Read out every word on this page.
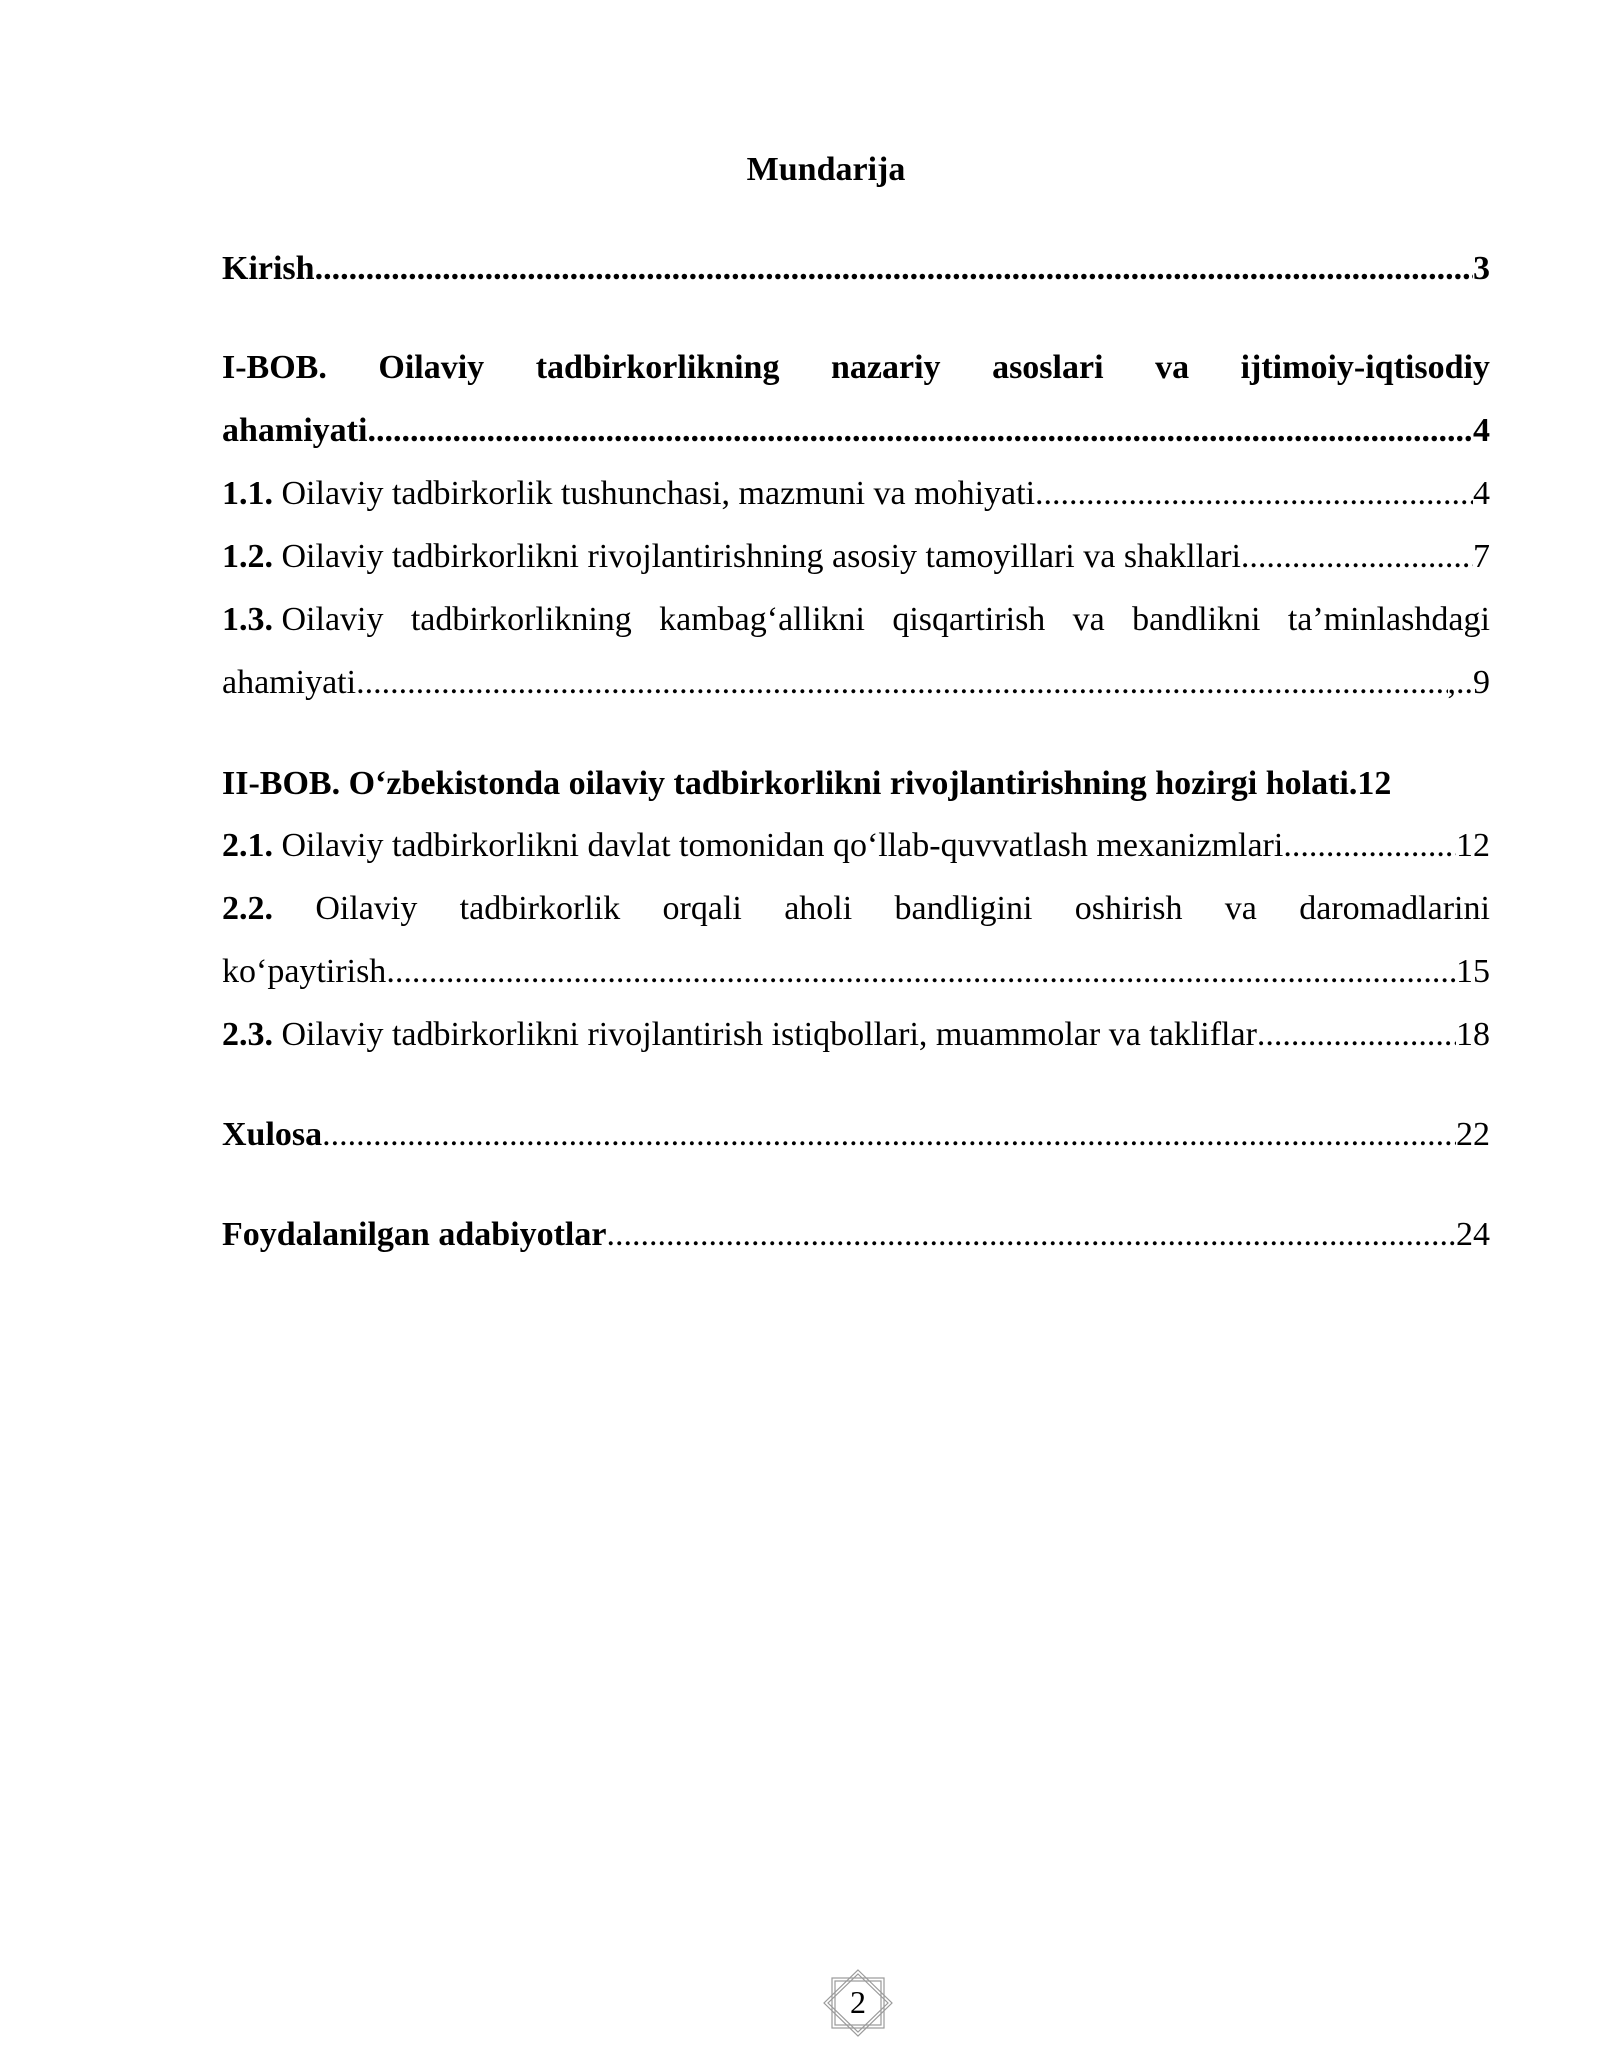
Mundarija
Kirish .....	3
I-BOB. Oilaviy tadbirkorlikning nazariy asoslari va ijtimoiy-iqtisodiy
ahamiyati .....	4
1.1. Oilaviy tadbirkorlik tushunchasi, mazmuni va mohiyati .....	4
1.2. Oilaviy tadbirkorlikni rivojlantirishning asosiy tamoyillari va shakllari .....	7
1.3. Oilaviy tadbirkorlikning kambag‘allikni qisqartirish va bandlikni ta’minlashdagi
ahamiyati .....	,..9
II-BOB. O‘zbekistonda oilaviy tadbirkorlikni rivojlantirishning hozirgi holati. 12
2.1. Oilaviy tadbirkorlikni davlat tomonidan qo‘llab-quvvatlash mexanizmlari .....	12
2.2. Oilaviy tadbirkorlik orqali aholi bandligini oshirish va daromadlarini
ko‘paytirish .....	15
2.3. Oilaviy tadbirkorlikni rivojlantirish istiqbollari, muammolar va takliflar .....	18
Xulosa .....	22
Foydalanilgan adabiyotlar .....	24
2
